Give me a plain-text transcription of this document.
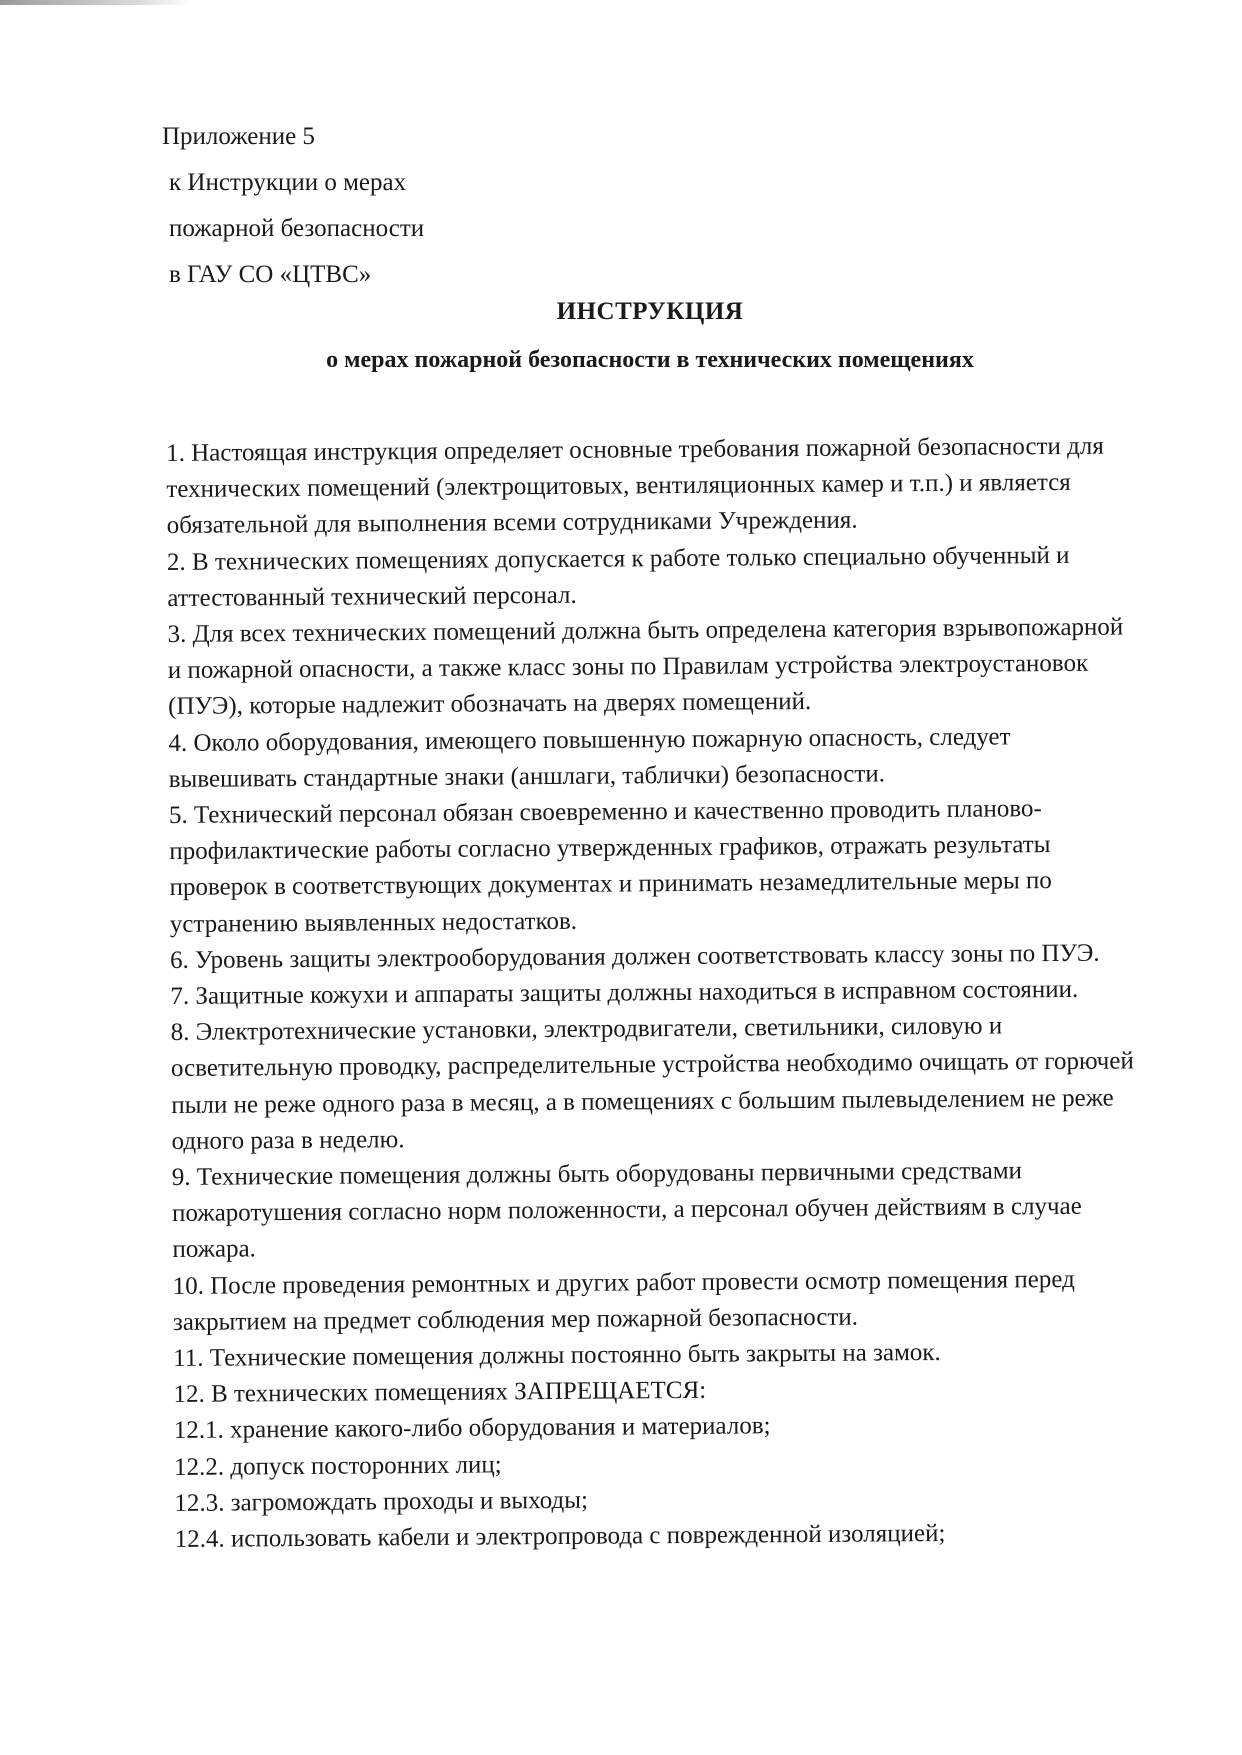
Приложение 5
к Инструкции о мерах
пожарной безопасности
в ГАУ СО «ЦТВС»
ИНСТРУКЦИЯ
о мерах пожарной безопасности в технических помещениях

1. Настоящая инструкция определяет основные требования пожарной безопасности для технических помещений (электрощитовых, вентиляционных камер и т.п.) и является обязательной для выполнения всеми сотрудниками Учреждения.

2. В технических помещениях допускается к работе только специально обученный и аттестованный технический персонал.

3. Для всех технических помещений должна быть определена категория взрывопожарной и пожарной опасности, а также класс зоны по Правилам устройства электроустановок (ПУЭ), которые надлежит обозначать на дверях помещений.

4. Около оборудования, имеющего повышенную пожарную опасность, следует вывешивать стандартные знаки (аншлаги, таблички) безопасности.

5. Технический персонал обязан своевременно и качественно проводить планово-профилактические работы согласно утвержденных графиков, отражать результаты проверок в соответствующих документах и принимать незамедлительные меры по устранению выявленных недостатков.

6. Уровень защиты электрооборудования должен соответствовать классу зоны по ПУЭ.

7. Защитные кожухи и аппараты защиты должны находиться в исправном состоянии.

8. Электротехнические установки, электродвигатели, светильники, силовую и осветительную проводку, распределительные устройства необходимо очищать от горючей пыли не реже одного раза в месяц, а в помещениях с большим пылевыделением не реже одного раза в неделю.

9. Технические помещения должны быть оборудованы первичными средствами пожаротушения согласно норм положенности, а персонал обучен действиям в случае пожара.

10. После проведения ремонтных и других работ провести осмотр помещения перед закрытием на предмет соблюдения мер пожарной безопасности.

11. Технические помещения должны постоянно быть закрыты на замок.

12. В технических помещениях ЗАПРЕЩАЕТСЯ:

12.1. хранение какого-либо оборудования и материалов;

12.2. допуск посторонних лиц;

12.3. загромождать проходы и выходы;

12.4. использовать кабели и электропровода с поврежденной изоляцией;
